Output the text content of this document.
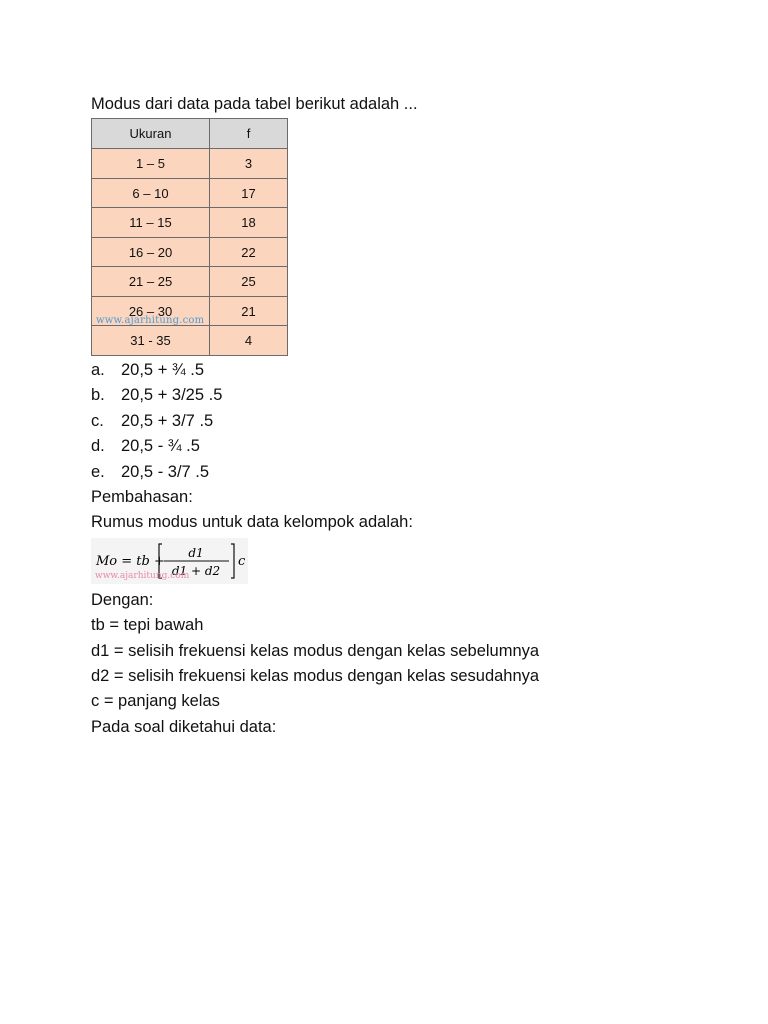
Modus dari data pada tabel berikut adalah ...
Ukuran	f
1 – 5	3
6 – 10	17
11 – 15	18
16 – 20	22
21 – 25	25
26 – 30	21
31 - 35	4
www.ajarhitung.com
a. 20,5 + ¾ .5
b. 20,5 + 3/25 .5
c.	20,5 + 3/7 .5
d. 20,5 - ¾ .5
e. 20,5 - 3/7 .5
Pembahasan:
Rumus modus untuk data kelompok adalah:
Mo = tb +
d1
d1 + d2
c
www.ajarhitung.com
Dengan:
tb = tepi bawah
d1 = selisih frekuensi kelas modus dengan kelas sebelumnya
d2 = selisih frekuensi kelas modus dengan kelas sesudahnya
c = panjang kelas
Pada soal diketahui data:
